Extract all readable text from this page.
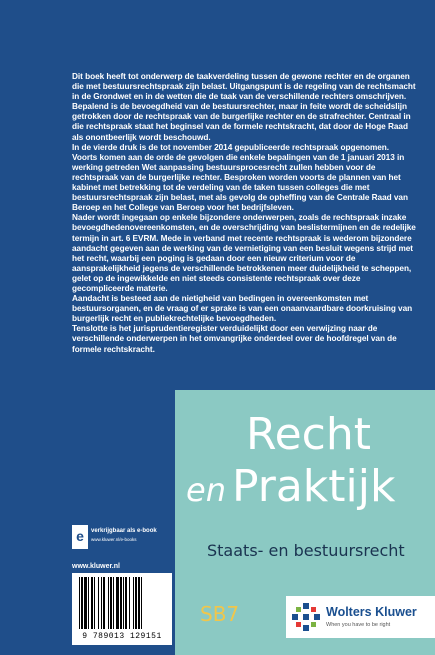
Dit boek heeft tot onderwerp de taakverdeling tussen de gewone rechter en de organen die met bestuursrechtspraak zijn belast. Uitgangspunt is de regeling van de rechtsmacht in de Grondwet en in de wetten die de taak van de verschillende rechters omschrijven. Bepalend is de bevoegdheid van de bestuursrechter, maar in feite wordt de scheidslijn getrokken door de rechtspraak van de burgerlijke rechter en de strafrechter. Centraal in die rechtspraak staat het beginsel van de formele rechtskracht, dat door de Hoge Raad als onontbeerlijk wordt beschouwd.

In de vierde druk is de tot november 2014 gepubliceerde rechtspraak opgenomen. Voorts komen aan de orde de gevolgen die enkele bepalingen van de 1 januari 2013 in werking getreden Wet aanpassing bestuursprocesrecht zullen hebben voor de rechtspraak van de burgerlijke rechter. Besproken worden voorts de plannen van het kabinet met betrekking tot de verdeling van de taken tussen colleges die met bestuursrechtspraak zijn belast, met als gevolg de opheffing van de Centrale Raad van Beroep en het College van Beroep voor het bedrijfsleven.

Nader wordt ingegaan op enkele bijzondere onderwerpen, zoals de rechtspraak inzake bevoegdhedenovereenkomsten, en de overschrijding van beslistermijnen en de redelijke termijn in art. 6 EVRM. Mede in verband met recente rechtspraak is wederom bijzondere aandacht gegeven aan de werking van de vernietiging van een besluit wegens strijd met het recht, waarbij een poging is gedaan door een nieuw criterium voor de aansprakelijkheid jegens de verschillende betrokkenen meer duidelijkheid te scheppen, gelet op de ingewikkelde en niet steeds consistente rechtspraak over deze gecompliceerde materie.

Aandacht is besteed aan de nietigheid van bedingen in overeenkomsten met bestuursorganen, en de vraag of er sprake is van een onaanvaardbare doorkruising van burgerlijk recht en publiekrechtelijke bevoegdheden.

Tenslotte is het jurisprudentieregister verduidelijkt door een verwijzing naar de verschillende onderwerpen in het omvangrijke onderdeel over de hoofdregel van de formele rechtskracht.

Recht
en Praktijk
Staats- en bestuursrecht
SB7	Wolters Kluwer
When you have to be right
e	verkrijgbaar als e-book
www.kluwer.nl/e-books
www.kluwer.nl
9 789013 129151
